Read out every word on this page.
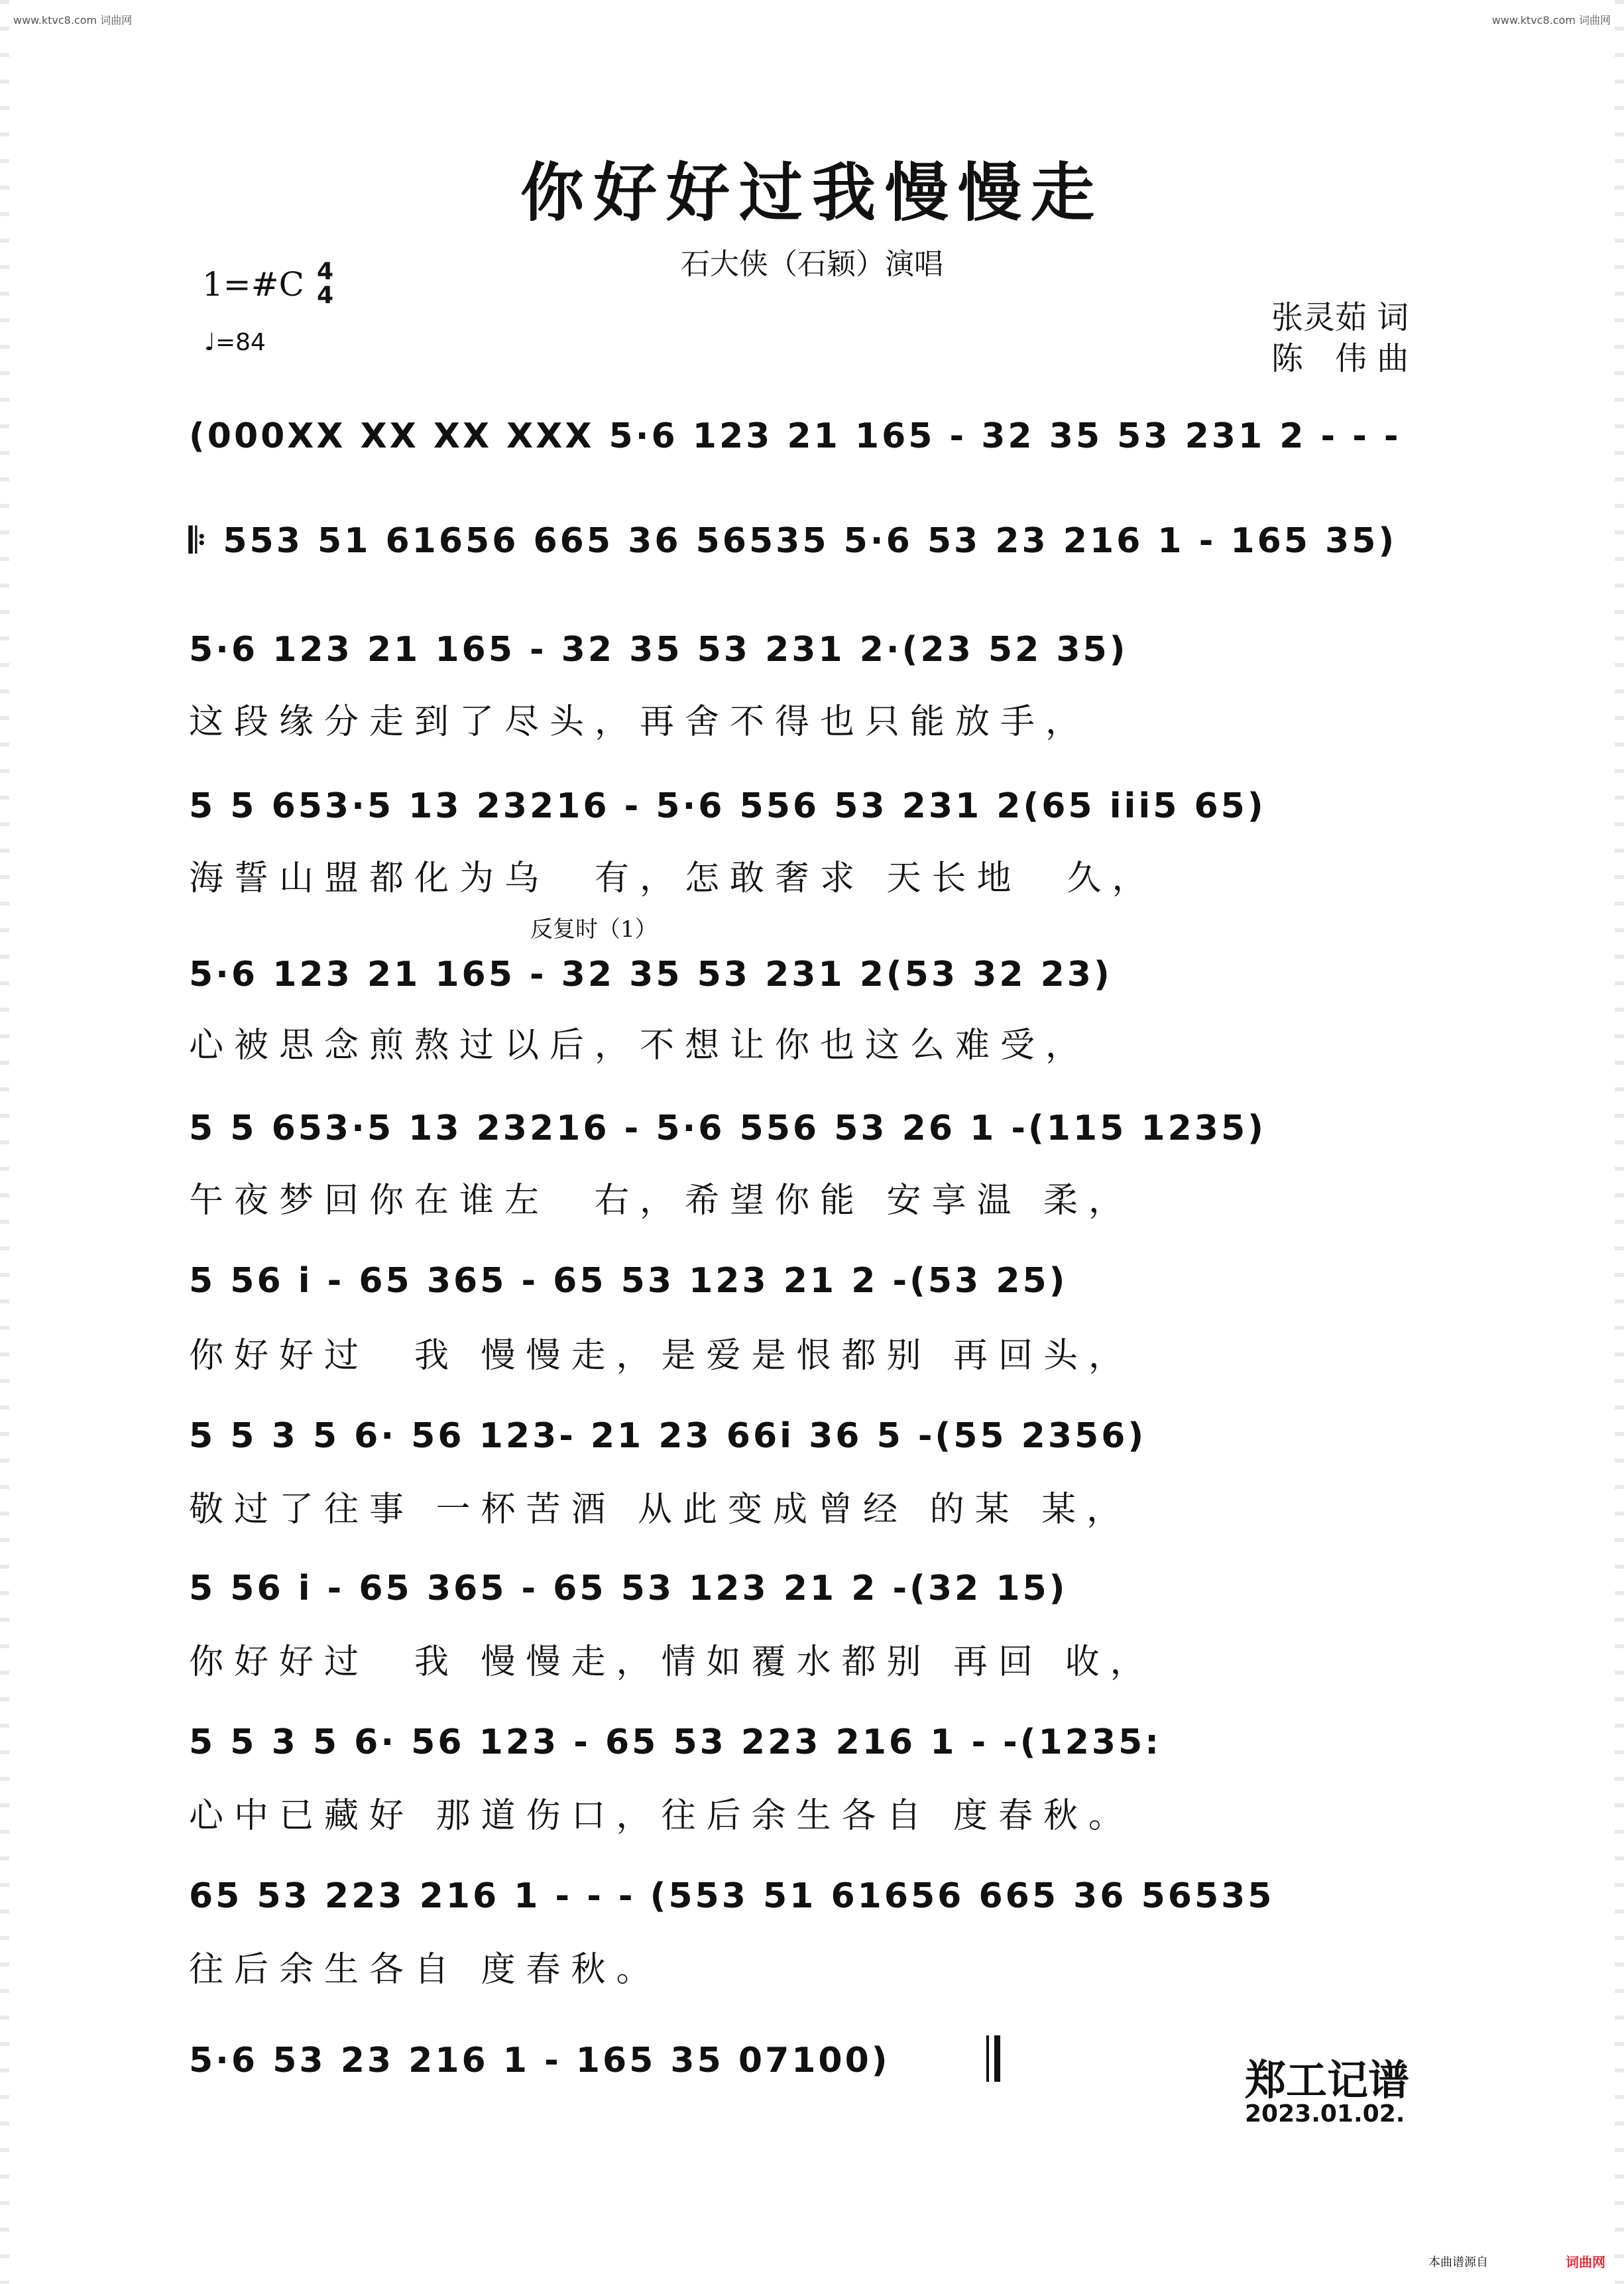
www.ktvc8.com 词曲网	www.ktvc8.com 词曲网
你好好过我慢慢走
石大侠（石颖）演唱
1=#C 4
4
♩=84
张灵茹 词
陈　伟 曲
(000XX XX XX XXX 5·6 123 21 165 - 32 35 53 231 2 - - -
𝄆 553 51 61656 665 36 56535 5·6 53 23 216 1 - 165 35)
5·6 123 21 165 - 32 35 53 231 2·(23 52 35)
这段缘分走到了尽头，再舍不得也只能放手，
5 5 653·5 13 23216 - 5·6 556 53 231 2(65 iii5 65)
海誓山盟都化为乌　有，怎敢奢求 天长地　久，
反复时（1）
5·6 123 21 165 - 32 35 53 231 2(53 32 23)
心被思念煎熬过以后，不想让你也这么难受，
5 5 653·5 13 23216 - 5·6 556 53 26 1 -(115 1235)
午夜梦回你在谁左　右，希望你能 安享温 柔，
5 56 i - 65 365 - 65 53 123 21 2 -(53 25)
你好好过　我 慢慢走，是爱是恨都别 再回头，
5 5 3 5 6· 56 123- 21 23 66i 36 5 -(55 2356)
敬过了往事 一杯苦酒 从此变成曾经 的某 某，
5 56 i - 65 365 - 65 53 123 21 2 -(32 15)
你好好过　我 慢慢走，情如覆水都别 再回 收，
5 5 3 5 6· 56 123 - 65 53 223 216 1 - -(1235:
心中已藏好 那道伤口，往后余生各自 度春秋。
65 53 223 216 1 - - - (553 51 61656 665 36 56535
往后余生各自 度春秋。
5·6 53 23 216 1 - 165 35 07100)	郑工记谱
2023.01.02.
本曲谱源自	词曲网
